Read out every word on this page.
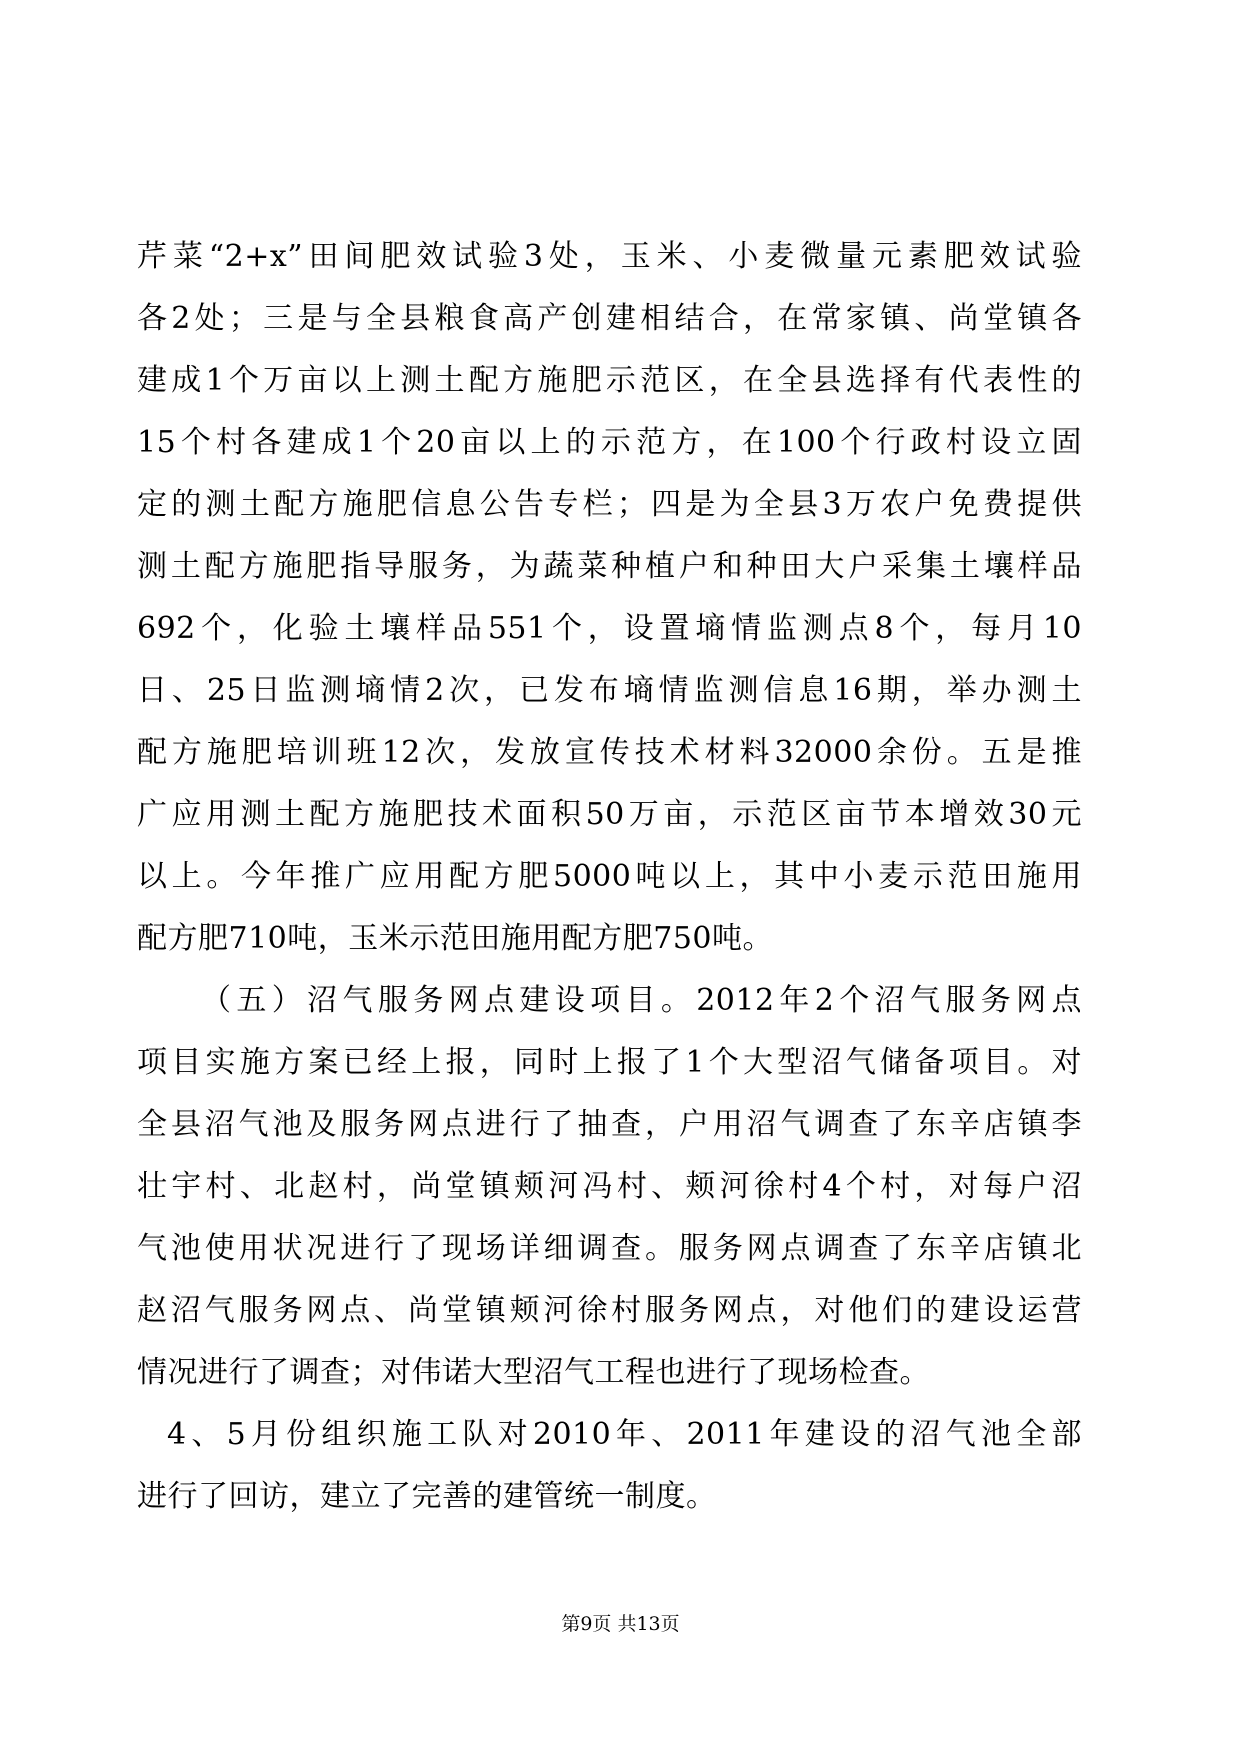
芹菜“2+x”田间肥效试验3处，玉米、小麦微量元素肥效试验
各2处；三是与全县粮食高产创建相结合，在常家镇、尚堂镇各
建成1个万亩以上测土配方施肥示范区，在全县选择有代表性的
15个村各建成1个20亩以上的示范方，在100个行政村设立固
定的测土配方施肥信息公告专栏；四是为全县3万农户免费提供
测土配方施肥指导服务，为蔬菜种植户和种田大户采集土壤样品
692个，化验土壤样品551个，设置墒情监测点8个，每月10
日、25日监测墒情2次，已发布墒情监测信息16期，举办测土
配方施肥培训班12次，发放宣传技术材料32000余份。五是推
广应用测土配方施肥技术面积50万亩，示范区亩节本增效30元
以上。今年推广应用配方肥5000吨以上，其中小麦示范田施用
配方肥710吨，玉米示范田施用配方肥750吨。
（五）沼气服务网点建设项目。2012年2个沼气服务网点
项目实施方案已经上报，同时上报了1个大型沼气储备项目。对
全县沼气池及服务网点进行了抽查，户用沼气调查了东辛店镇李
壮宇村、北赵村，尚堂镇颊河冯村、颊河徐村4个村，对每户沼
气池使用状况进行了现场详细调查。服务网点调查了东辛店镇北
赵沼气服务网点、尚堂镇颊河徐村服务网点，对他们的建设运营
情况进行了调查；对伟诺大型沼气工程也进行了现场检查。
4、5月份组织施工队对2010年、2011年建设的沼气池全部
进行了回访，建立了完善的建管统一制度。
第9页 共13页
